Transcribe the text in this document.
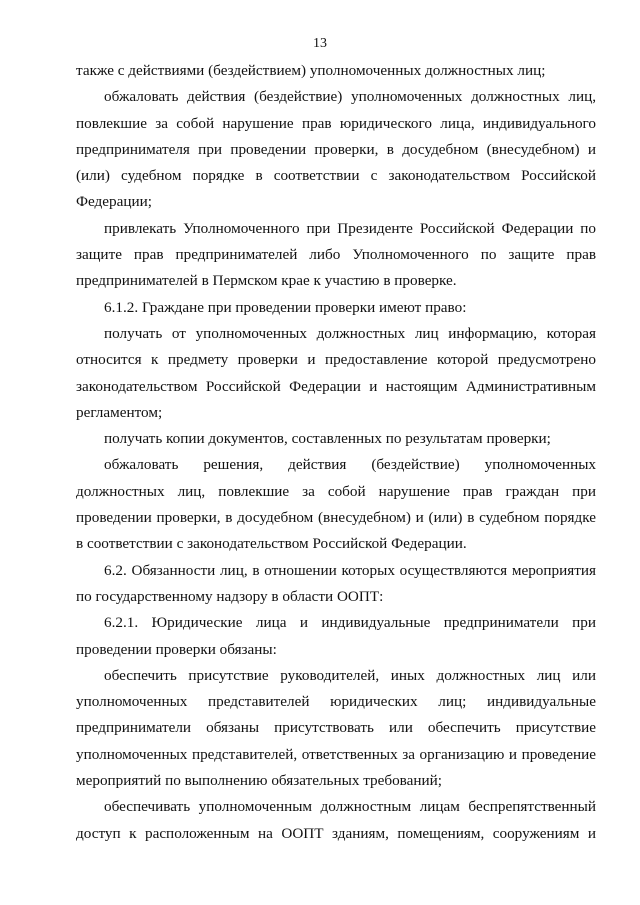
13

также с действиями (бездействием) уполномоченных должностных лиц;

обжаловать действия (бездействие) уполномоченных должностных лиц, повлекшие за собой нарушение прав юридического лица, индивидуального предпринимателя при проведении проверки, в досудебном (внесудебном) и (или) судебном порядке в соответствии с законодательством Российской Федерации;

привлекать Уполномоченного при Президенте Российской Федерации по защите прав предпринимателей либо Уполномоченного по защите прав предпринимателей в Пермском крае к участию в проверке.

6.1.2. Граждане при проведении проверки имеют право:

получать от уполномоченных должностных лиц информацию, которая относится к предмету проверки и предоставление которой предусмотрено законодательством Российской Федерации и настоящим Административным регламентом;

получать копии документов, составленных по результатам проверки;

обжаловать решения, действия (бездействие) уполномоченных должностных лиц, повлекшие за собой нарушение прав граждан при проведении проверки, в досудебном (внесудебном) и (или) в судебном порядке в соответствии с законодательством Российской Федерации.

6.2. Обязанности лиц, в отношении которых осуществляются мероприятия по государственному надзору в области ООПТ:

6.2.1. Юридические лица и индивидуальные предприниматели при проведении проверки обязаны:

обеспечить присутствие руководителей, иных должностных лиц или уполномоченных представителей юридических лиц; индивидуальные предприниматели обязаны присутствовать или обеспечить присутствие уполномоченных представителей, ответственных за организацию и проведение мероприятий по выполнению обязательных требований;

обеспечивать уполномоченным должностным лицам беспрепятственный доступ к расположенным на ООПТ зданиям, помещениям, сооружениям и
